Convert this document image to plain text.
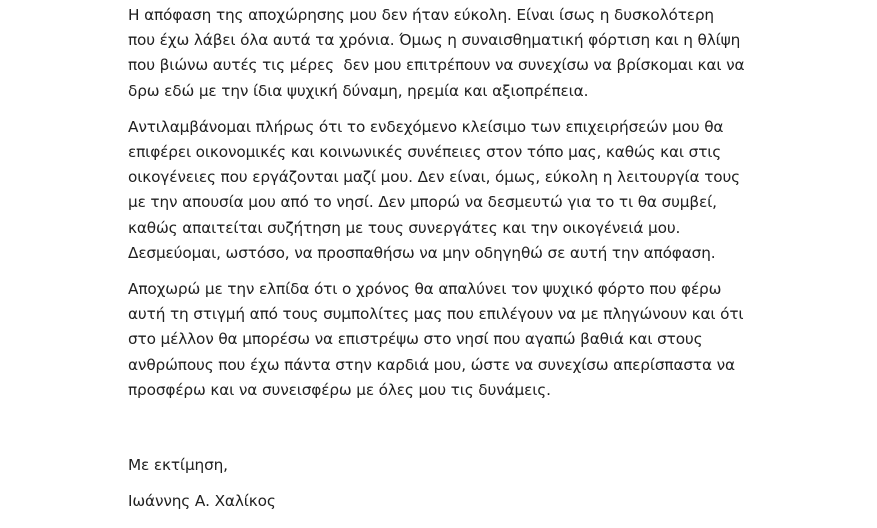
Η απόφαση της αποχώρησης μου δεν ήταν εύκολη. Είναι ίσως η δυσκολότερη
που έχω λάβει όλα αυτά τα χρόνια. Όμως η συναισθηματική φόρτιση και η θλίψη
που βιώνω αυτές τις μέρες  δεν μου επιτρέπουν να συνεχίσω να βρίσκομαι και να
δρω εδώ με την ίδια ψυχική δύναμη, ηρεμία και αξιοπρέπεια.

Αντιλαμβάνομαι πλήρως ότι το ενδεχόμενο κλείσιμο των επιχειρήσεών μου θα
επιφέρει οικονομικές και κοινωνικές συνέπειες στον τόπο μας, καθώς και στις
οικογένειες που εργάζονται μαζί μου. Δεν είναι, όμως, εύκολη η λειτουργία τους
με την απουσία μου από το νησί. Δεν μπορώ να δεσμευτώ για το τι θα συμβεί,
καθώς απαιτείται συζήτηση με τους συνεργάτες και την οικογένειά μου.
Δεσμεύομαι, ωστόσο, να προσπαθήσω να μην οδηγηθώ σε αυτή την απόφαση.

Αποχωρώ με την ελπίδα ότι ο χρόνος θα απαλύνει τον ψυχικό φόρτο που φέρω
αυτή τη στιγμή από τους συμπολίτες μας που επιλέγουν να με πληγώνουν και ότι
στο μέλλον θα μπορέσω να επιστρέψω στο νησί που αγαπώ βαθιά και στους
ανθρώπους που έχω πάντα στην καρδιά μου, ώστε να συνεχίσω απερίσπαστα να
προσφέρω και να συνεισφέρω με όλες μου τις δυνάμεις.

Με εκτίμηση,

Ιωάννης Α. Χαλίκος
